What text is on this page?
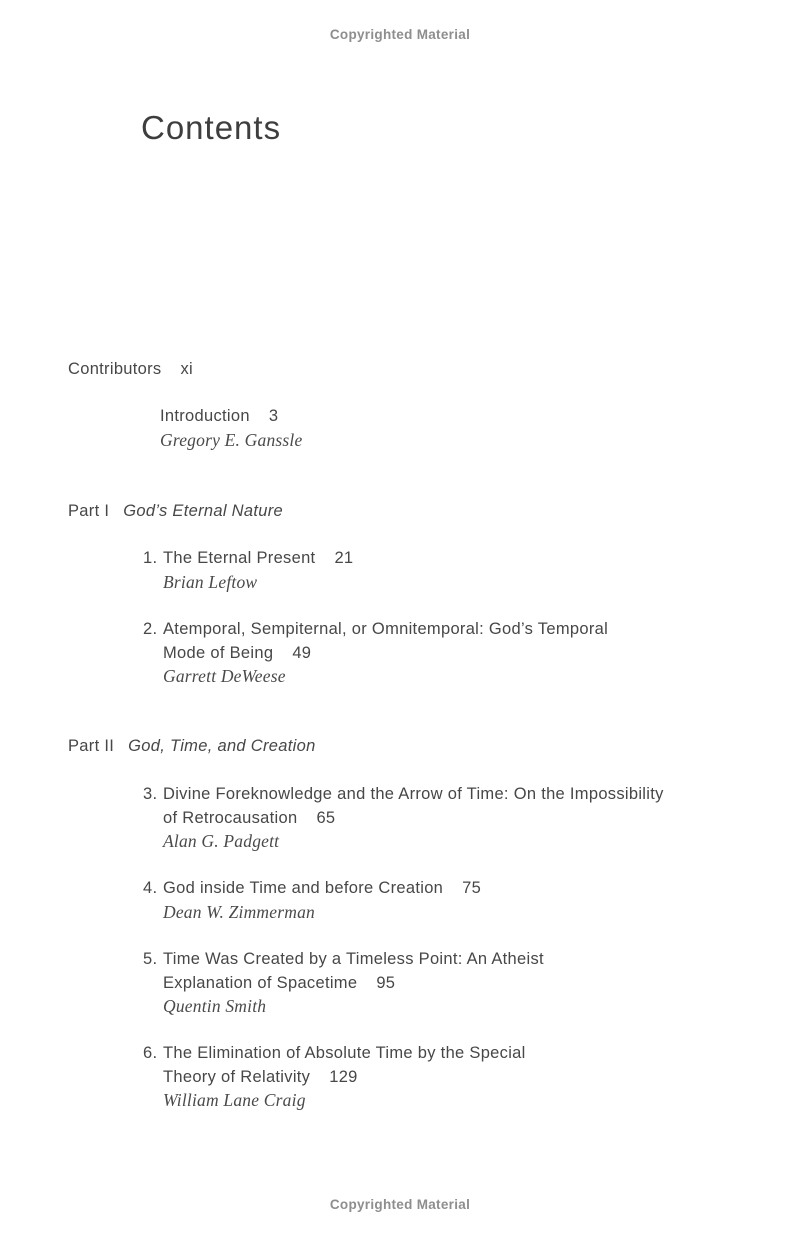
Copyrighted Material
Contents
Contributors xi
Introduction 3
Gregory E. Ganssle
Part I God’s Eternal Nature
1. The Eternal Present 21
Brian Leftow
2. Atemporal, Sempiternal, or Omnitemporal: God’s Temporal
Mode of Being 49
Garrett DeWeese
Part II God, Time, and Creation
3. Divine Foreknowledge and the Arrow of Time: On the Impossibility
of Retrocausation 65
Alan G. Padgett
4. God inside Time and before Creation 75
Dean W. Zimmerman
5. Time Was Created by a Timeless Point: An Atheist
Explanation of Spacetime 95
Quentin Smith
6. The Elimination of Absolute Time by the Special
Theory of Relativity 129
William Lane Craig
Copyrighted Material
